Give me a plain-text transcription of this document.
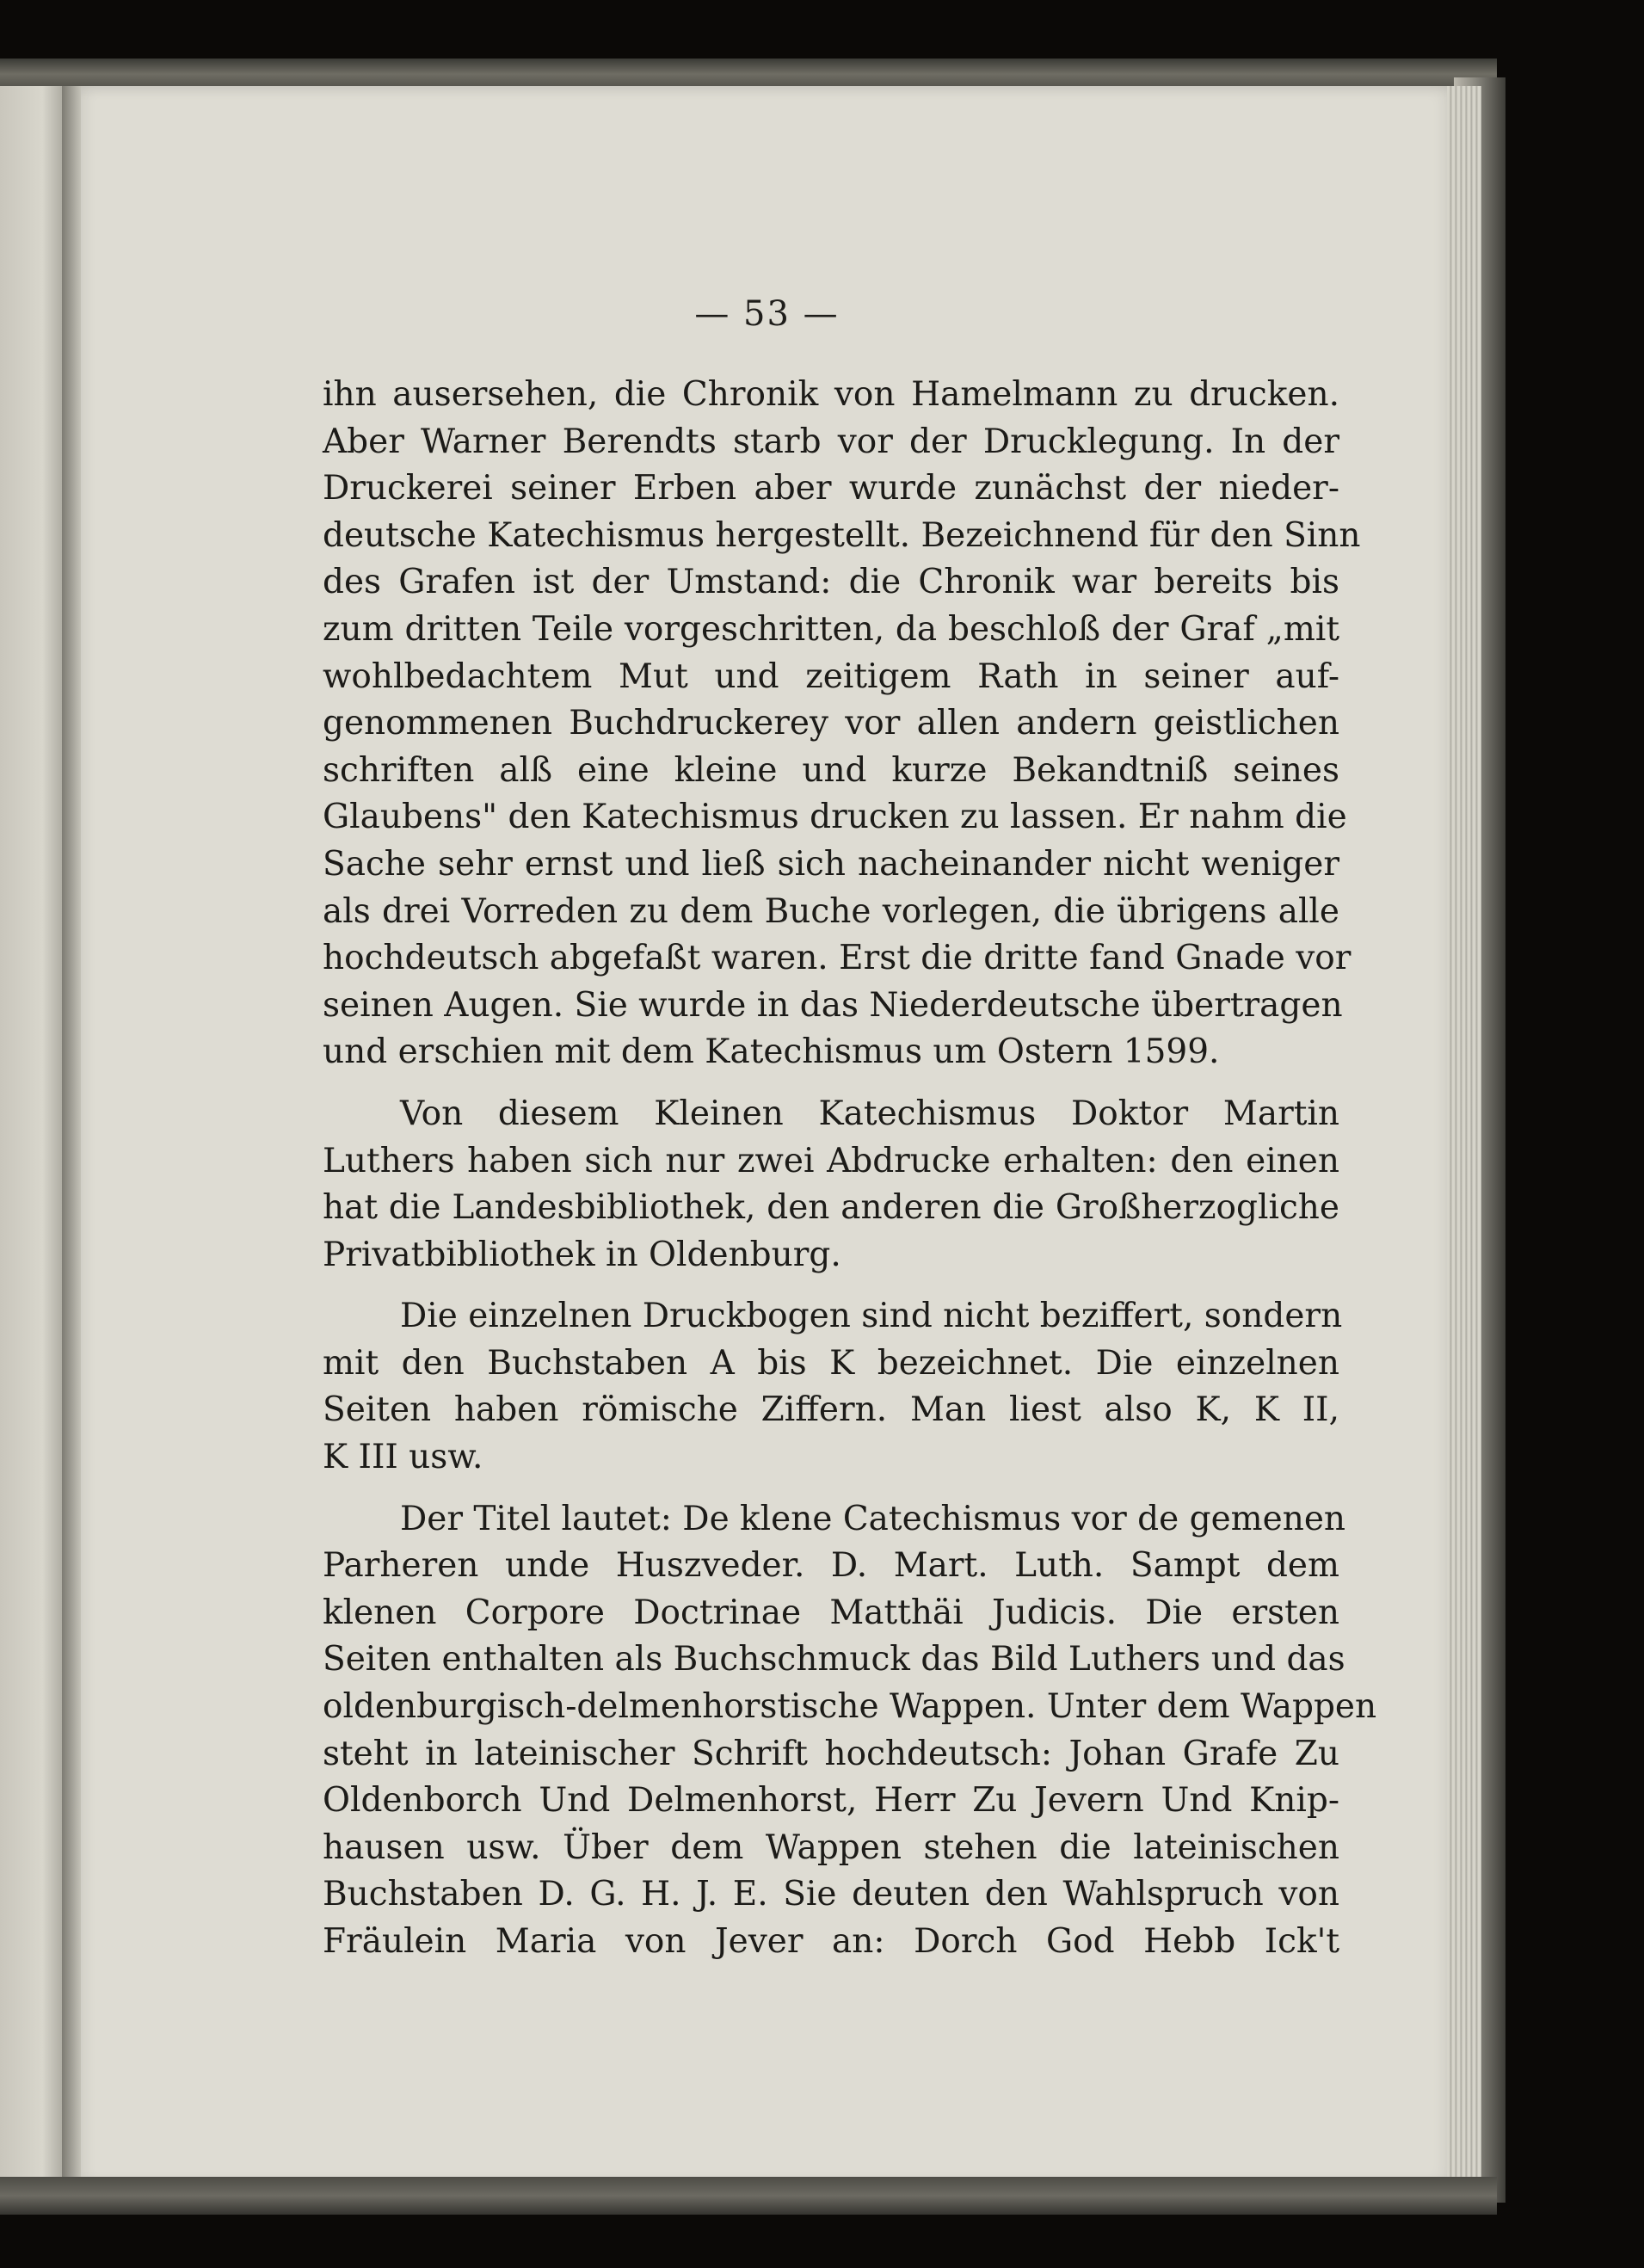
— 53 —
ihn ausersehen, die Chronik von Hamelmann zu drucken.
Aber Warner Berendts starb vor der Drucklegung. In der
Druckerei seiner Erben aber wurde zunächst der nieder-
deutsche Katechismus hergestellt. Bezeichnend für den Sinn
des Grafen ist der Umstand: die Chronik war bereits bis
zum dritten Teile vorgeschritten, da beschloß der Graf „mit
wohlbedachtem Mut und zeitigem Rath in seiner auf-
genommenen Buchdruckerey vor allen andern geistlichen
schriften alß eine kleine und kurze Bekandtniß seines
Glaubens" den Katechismus drucken zu lassen. Er nahm die
Sache sehr ernst und ließ sich nacheinander nicht weniger
als drei Vorreden zu dem Buche vorlegen, die übrigens alle
hochdeutsch abgefaßt waren. Erst die dritte fand Gnade vor
seinen Augen. Sie wurde in das Niederdeutsche übertragen
und erschien mit dem Katechismus um Ostern 1599.
Von diesem Kleinen Katechismus Doktor Martin
Luthers haben sich nur zwei Abdrucke erhalten: den einen
hat die Landesbibliothek, den anderen die Großherzogliche
Privatbibliothek in Oldenburg.
Die einzelnen Druckbogen sind nicht beziffert, sondern
mit den Buchstaben A bis K bezeichnet. Die einzelnen
Seiten haben römische Ziffern. Man liest also K, K II,
K III usw.
Der Titel lautet: De klene Catechismus vor de gemenen
Parheren unde Huszveder. D. Mart. Luth. Sampt dem
klenen Corpore Doctrinae Matthäi Judicis. Die ersten
Seiten enthalten als Buchschmuck das Bild Luthers und das
oldenburgisch-delmenhorstische Wappen. Unter dem Wappen
steht in lateinischer Schrift hochdeutsch: Johan Grafe Zu
Oldenborch Und Delmenhorst, Herr Zu Jevern Und Knip-
hausen usw. Über dem Wappen stehen die lateinischen
Buchstaben D. G. H. J. E. Sie deuten den Wahlspruch von
Fräulein Maria von Jever an: Dorch God Hebb Ick't
